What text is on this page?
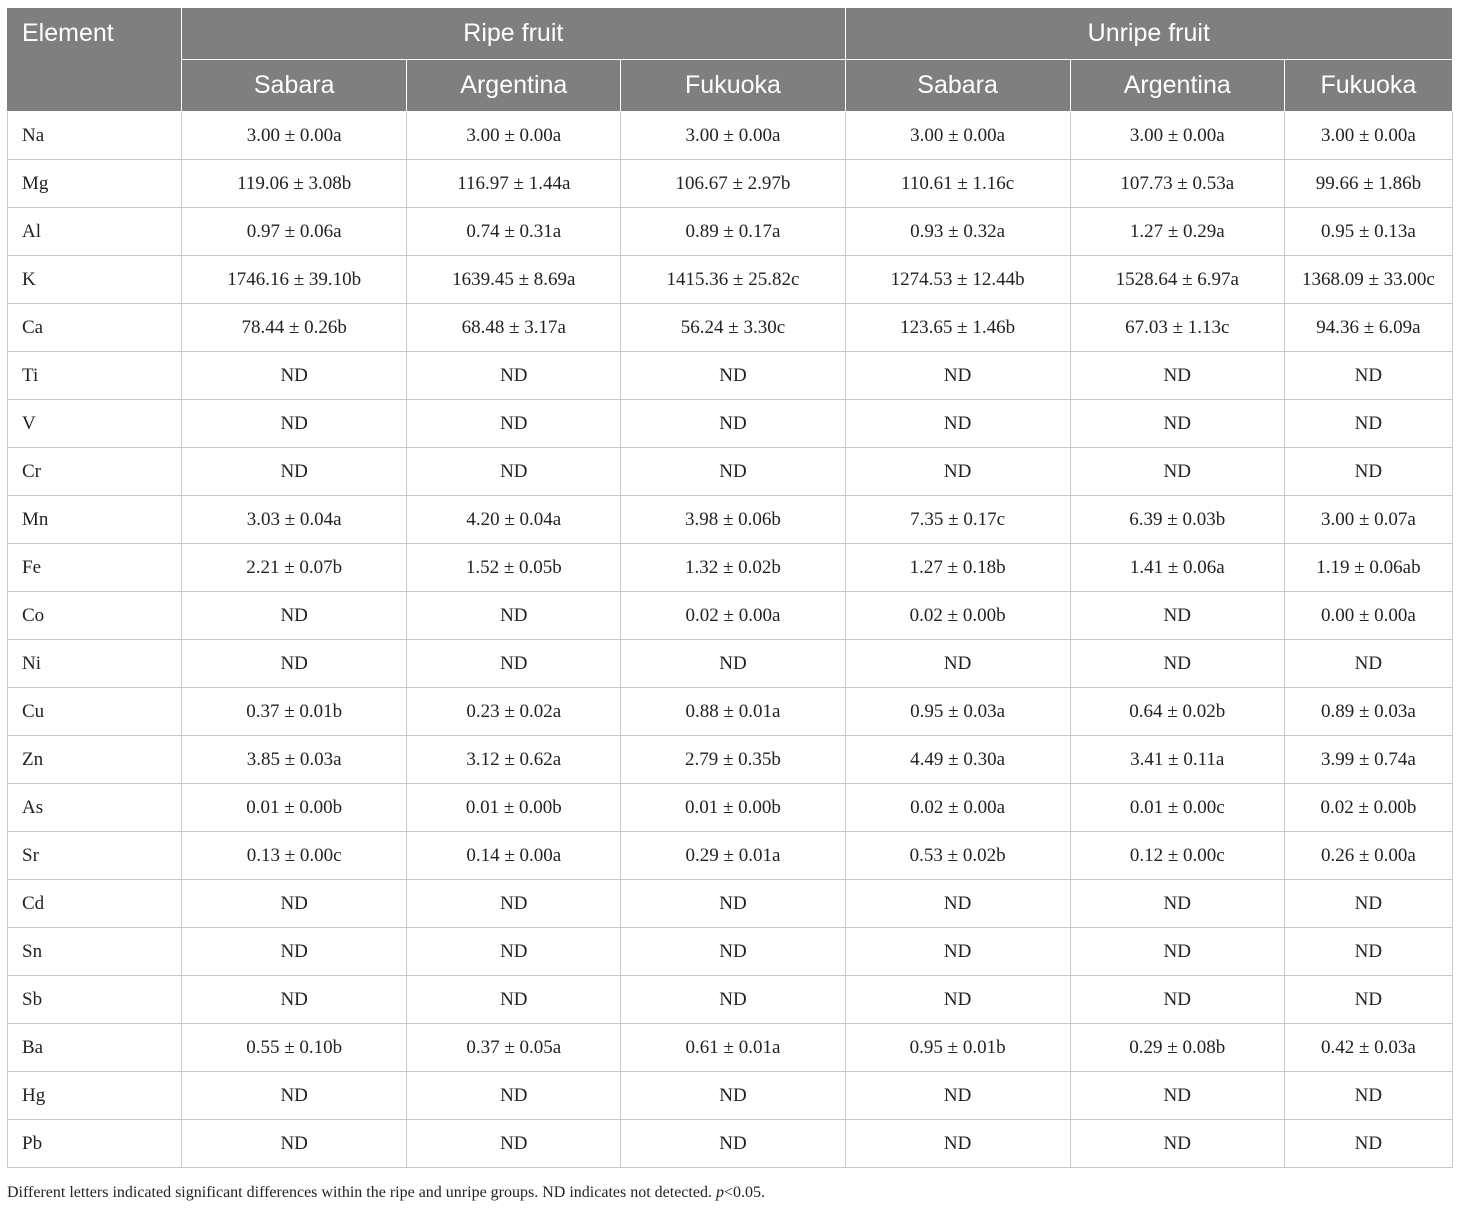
Element	Ripe fruit			Unripe fruit		
	Sabara	Argentina	Fukuoka	Sabara	Argentina	Fukuoka
Na	3.00 ± 0.00a	3.00 ± 0.00a	3.00 ± 0.00a	3.00 ± 0.00a	3.00 ± 0.00a	3.00 ± 0.00a
Mg	119.06 ± 3.08b	116.97 ± 1.44a	106.67 ± 2.97b	110.61 ± 1.16c	107.73 ± 0.53a	99.66 ± 1.86b
Al	0.97 ± 0.06a	0.74 ± 0.31a	0.89 ± 0.17a	0.93 ± 0.32a	1.27 ± 0.29a	0.95 ± 0.13a
K	1746.16 ± 39.10b	1639.45 ± 8.69a	1415.36 ± 25.82c	1274.53 ± 12.44b	1528.64 ± 6.97a	1368.09 ± 33.00c
Ca	78.44 ± 0.26b	68.48 ± 3.17a	56.24 ± 3.30c	123.65 ± 1.46b	67.03 ± 1.13c	94.36 ± 6.09a
Ti	ND	ND	ND	ND	ND	ND
V	ND	ND	ND	ND	ND	ND
Cr	ND	ND	ND	ND	ND	ND
Mn	3.03 ± 0.04a	4.20 ± 0.04a	3.98 ± 0.06b	7.35 ± 0.17c	6.39 ± 0.03b	3.00 ± 0.07a
Fe	2.21 ± 0.07b	1.52 ± 0.05b	1.32 ± 0.02b	1.27 ± 0.18b	1.41 ± 0.06a	1.19 ± 0.06ab
Co	ND	ND	0.02 ± 0.00a	0.02 ± 0.00b	ND	0.00 ± 0.00a
Ni	ND	ND	ND	ND	ND	ND
Cu	0.37 ± 0.01b	0.23 ± 0.02a	0.88 ± 0.01a	0.95 ± 0.03a	0.64 ± 0.02b	0.89 ± 0.03a
Zn	3.85 ± 0.03a	3.12 ± 0.62a	2.79 ± 0.35b	4.49 ± 0.30a	3.41 ± 0.11a	3.99 ± 0.74a
As	0.01 ± 0.00b	0.01 ± 0.00b	0.01 ± 0.00b	0.02 ± 0.00a	0.01 ± 0.00c	0.02 ± 0.00b
Sr	0.13 ± 0.00c	0.14 ± 0.00a	0.29 ± 0.01a	0.53 ± 0.02b	0.12 ± 0.00c	0.26 ± 0.00a
Cd	ND	ND	ND	ND	ND	ND
Sn	ND	ND	ND	ND	ND	ND
Sb	ND	ND	ND	ND	ND	ND
Ba	0.55 ± 0.10b	0.37 ± 0.05a	0.61 ± 0.01a	0.95 ± 0.01b	0.29 ± 0.08b	0.42 ± 0.03a
Hg	ND	ND	ND	ND	ND	ND
Pb	ND	ND	ND	ND	ND	ND

Different letters indicated significant differences within the ripe and unripe groups. ND indicates not detected. p<0.05.
